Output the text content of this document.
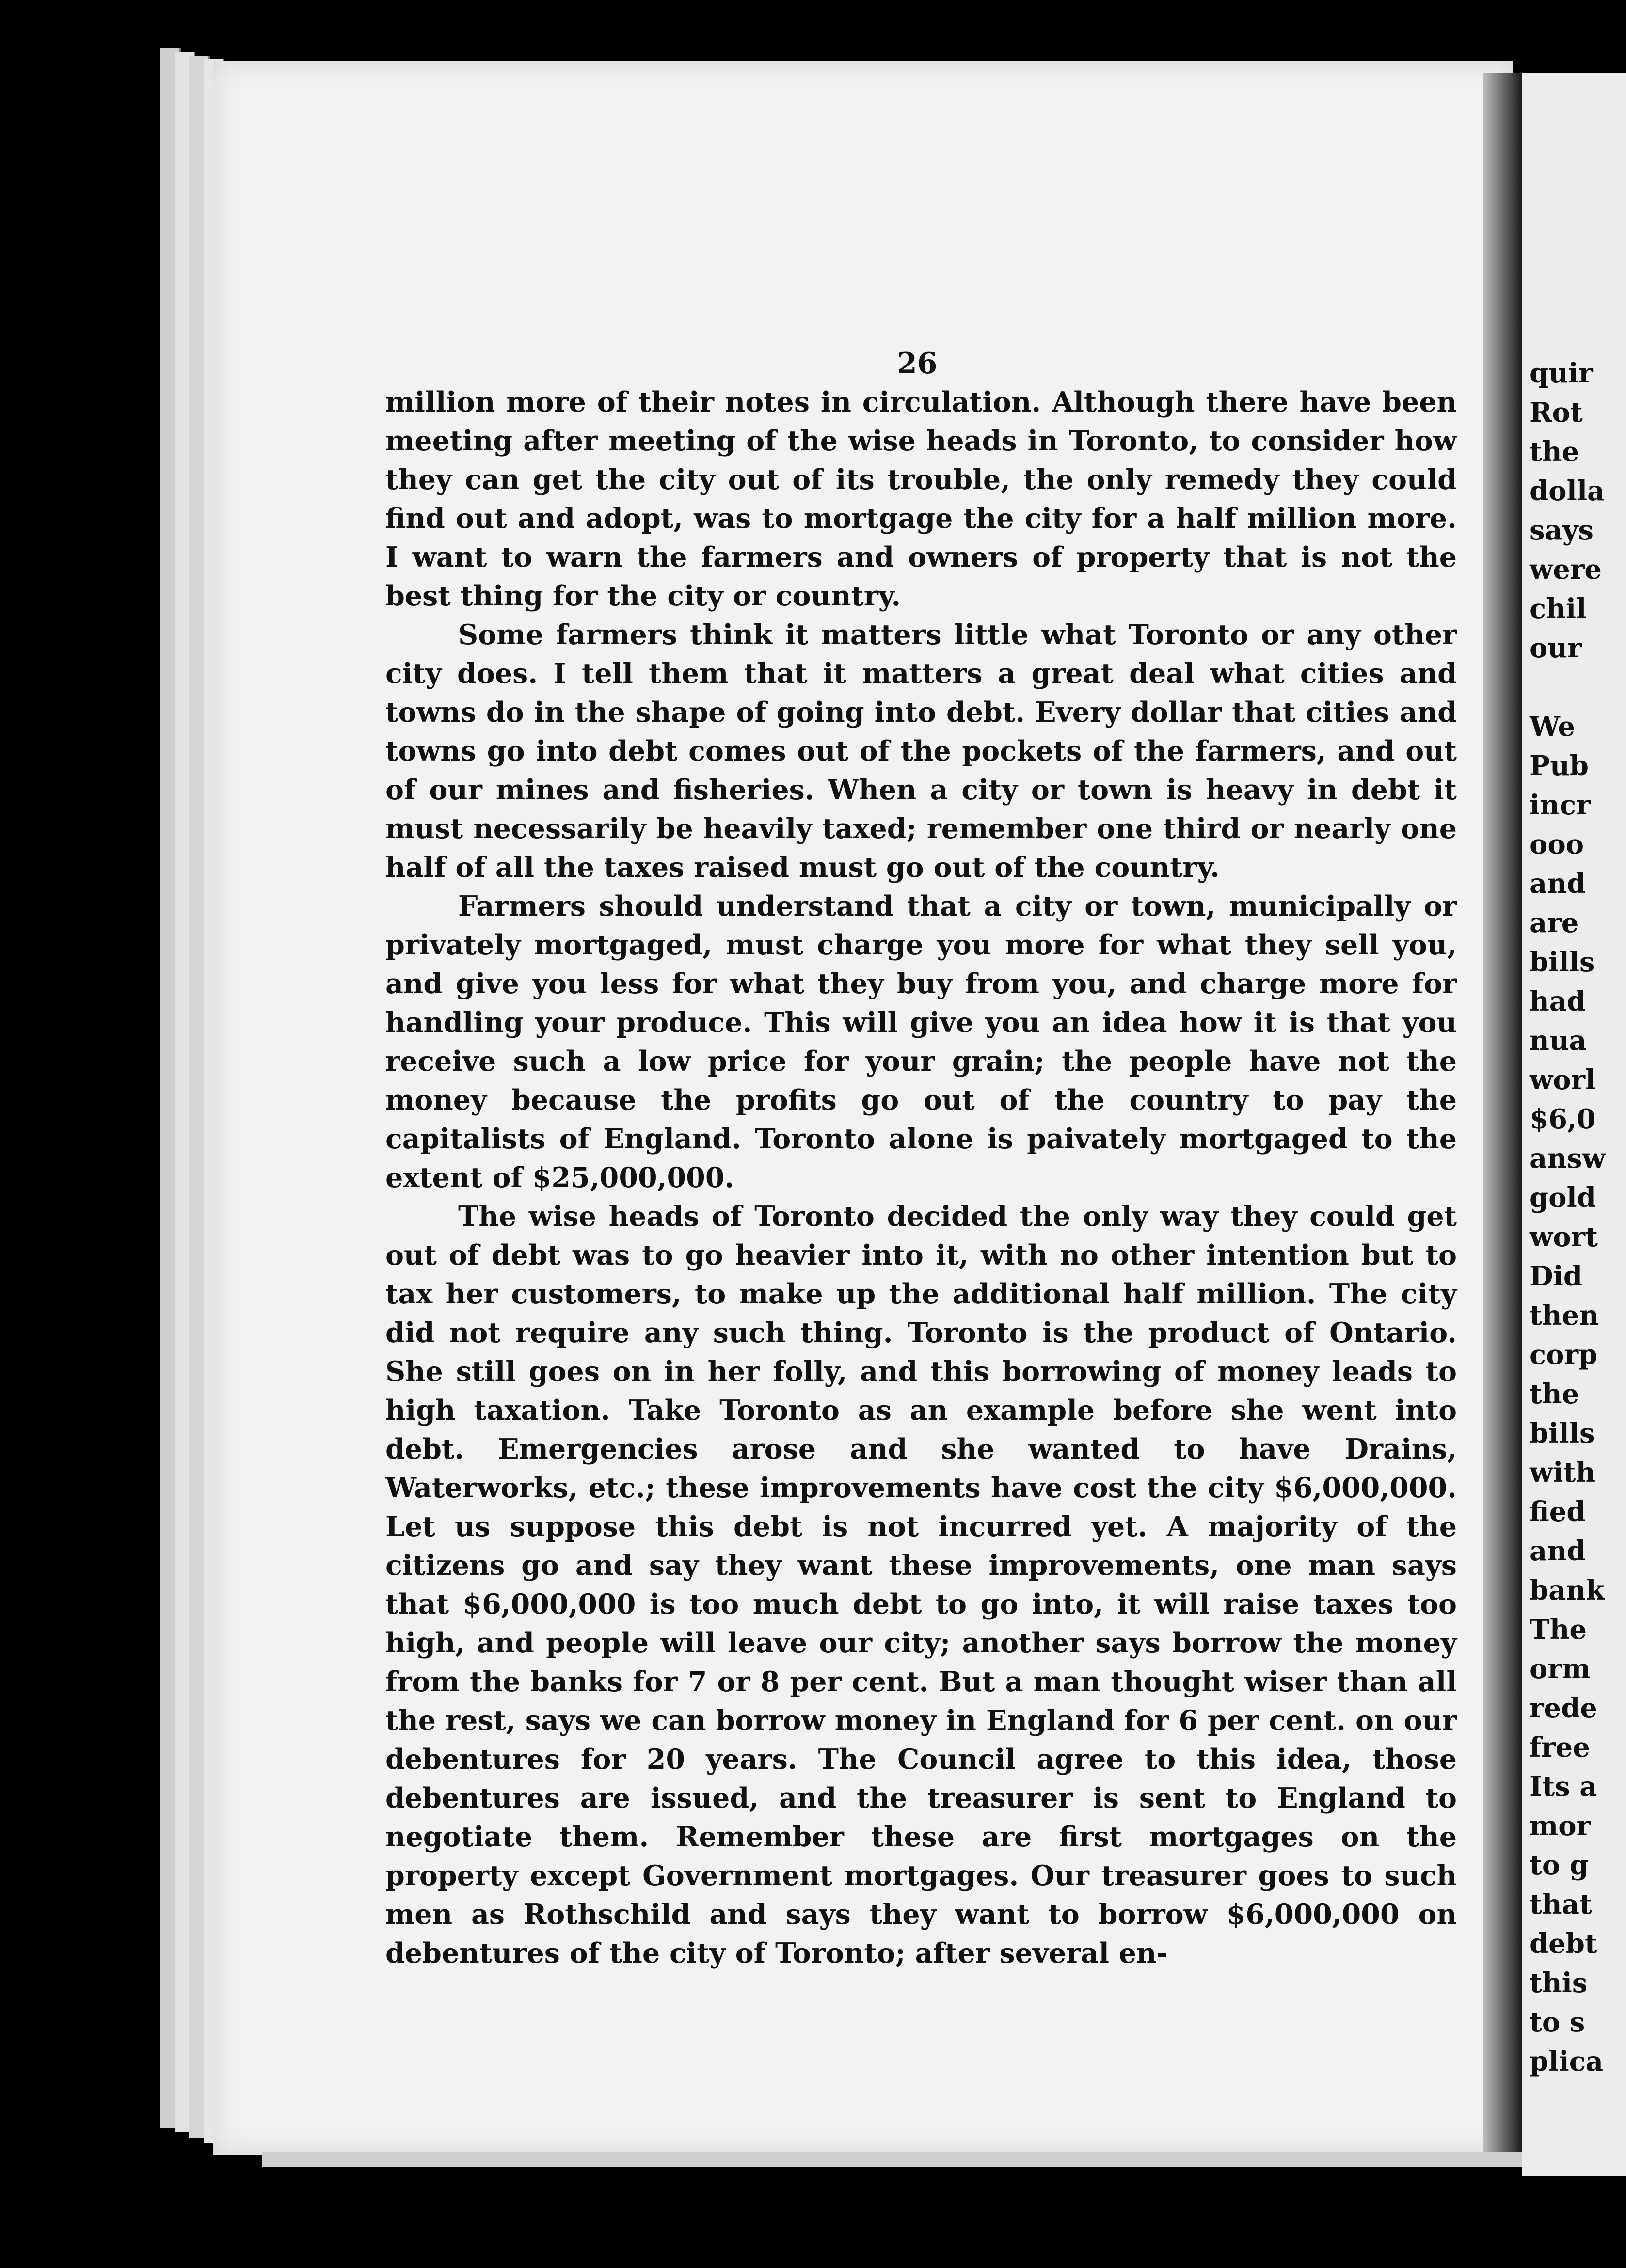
26

million more of their notes in circulation. Although there have been meeting after meeting of the wise heads in Toronto, to consider how they can get the city out of its trouble, the only remedy they could find out and adopt, was to mortgage the city for a half million more. I want to warn the farmers and owners of property that is not the best thing for the city or country.

Some farmers think it matters little what Toronto or any other city does. I tell them that it matters a great deal what cities and towns do in the shape of going into debt. Every dollar that cities and towns go into debt comes out of the pockets of the farmers, and out of our mines and fisheries. When a city or town is heavy in debt it must necessarily be heavily taxed; remember one third or nearly one half of all the taxes raised must go out of the country.

Farmers should understand that a city or town, municipally or privately mortgaged, must charge you more for what they sell you, and give you less for what they buy from you, and charge more for handling your produce. This will give you an idea how it is that you receive such a low price for your grain; the people have not the money because the profits go out of the country to pay the capitalists of England. Toronto alone is paivately mortgaged to the extent of $25,000,000.

The wise heads of Toronto decided the only way they could get out of debt was to go heavier into it, with no other intention but to tax her customers, to make up the additional half million. The city did not require any such thing. Toronto is the product of Ontario. She still goes on in her folly, and this borrowing of money leads to high taxation. Take Toronto as an example before she went into debt. Emergencies arose and she wanted to have Drains, Waterworks, etc.; these improvements have cost the city $6,000,000. Let us suppose this debt is not incurred yet. A majority of the citizens go and say they want these improvements, one man says that $6,000,000 is too much debt to go into, it will raise taxes too high, and people will leave our city; another says borrow the money from the banks for 7 or 8 per cent. But a man thought wiser than all the rest, says we can borrow money in England for 6 per cent. on our debentures for 20 years. The Council agree to this idea, those debentures are issued, and the treasurer is sent to England to negotiate them. Remember these are first mortgages on the property except Government mortgages. Our treasurer goes to such men as Rothschild and says they want to borrow $6,000,000 on debentures of the city of Toronto; after several en-

quir
Rot
the
dolla
says
were
chil
our

We
Pub
incr
ooo
and
are
bills
had
nua
worl
$6,0
answ
gold
wort
Did
then
corp
the
bills
with
fied
and
bank
The
orm
rede
free
Its a
mor
to g
that
debt
this
to s
plica
